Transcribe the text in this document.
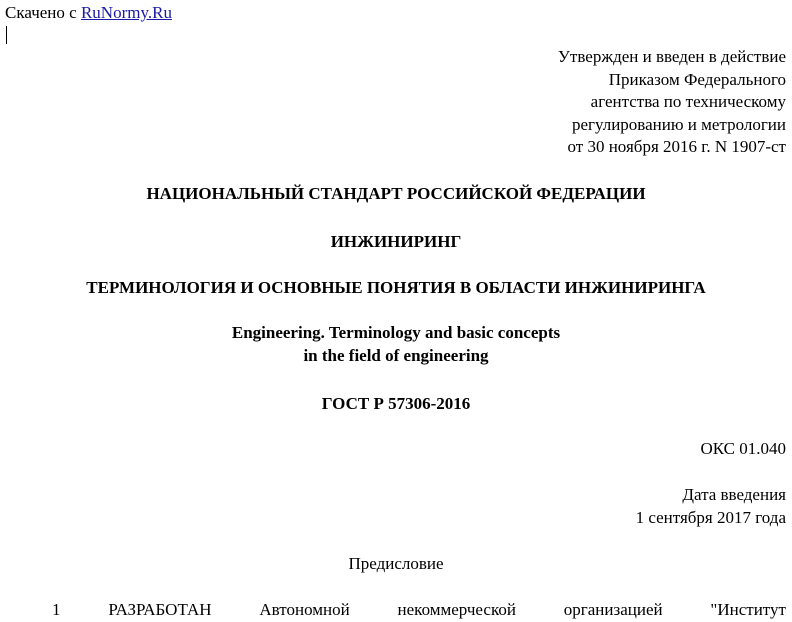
Скачено с RuNormy.Ru
Утвержден и введен в действие
Приказом Федерального
агентства по техническому
регулированию и метрологии
от 30 ноября 2016 г. N 1907-ст
НАЦИОНАЛЬНЫЙ СТАНДАРТ РОССИЙСКОЙ ФЕДЕРАЦИИ
ИНЖИНИРИНГ
ТЕРМИНОЛОГИЯ И ОСНОВНЫЕ ПОНЯТИЯ В ОБЛАСТИ ИНЖИНИРИНГА
Engineering. Terminology and basic concepts
in the field of engineering
ГОСТ Р 57306-2016
ОКС 01.040
Дата введения
1 сентября 2017 года
Предисловие
1	РАЗРАБОТАН	Автономной	некоммерческой	организацией	"Институт
